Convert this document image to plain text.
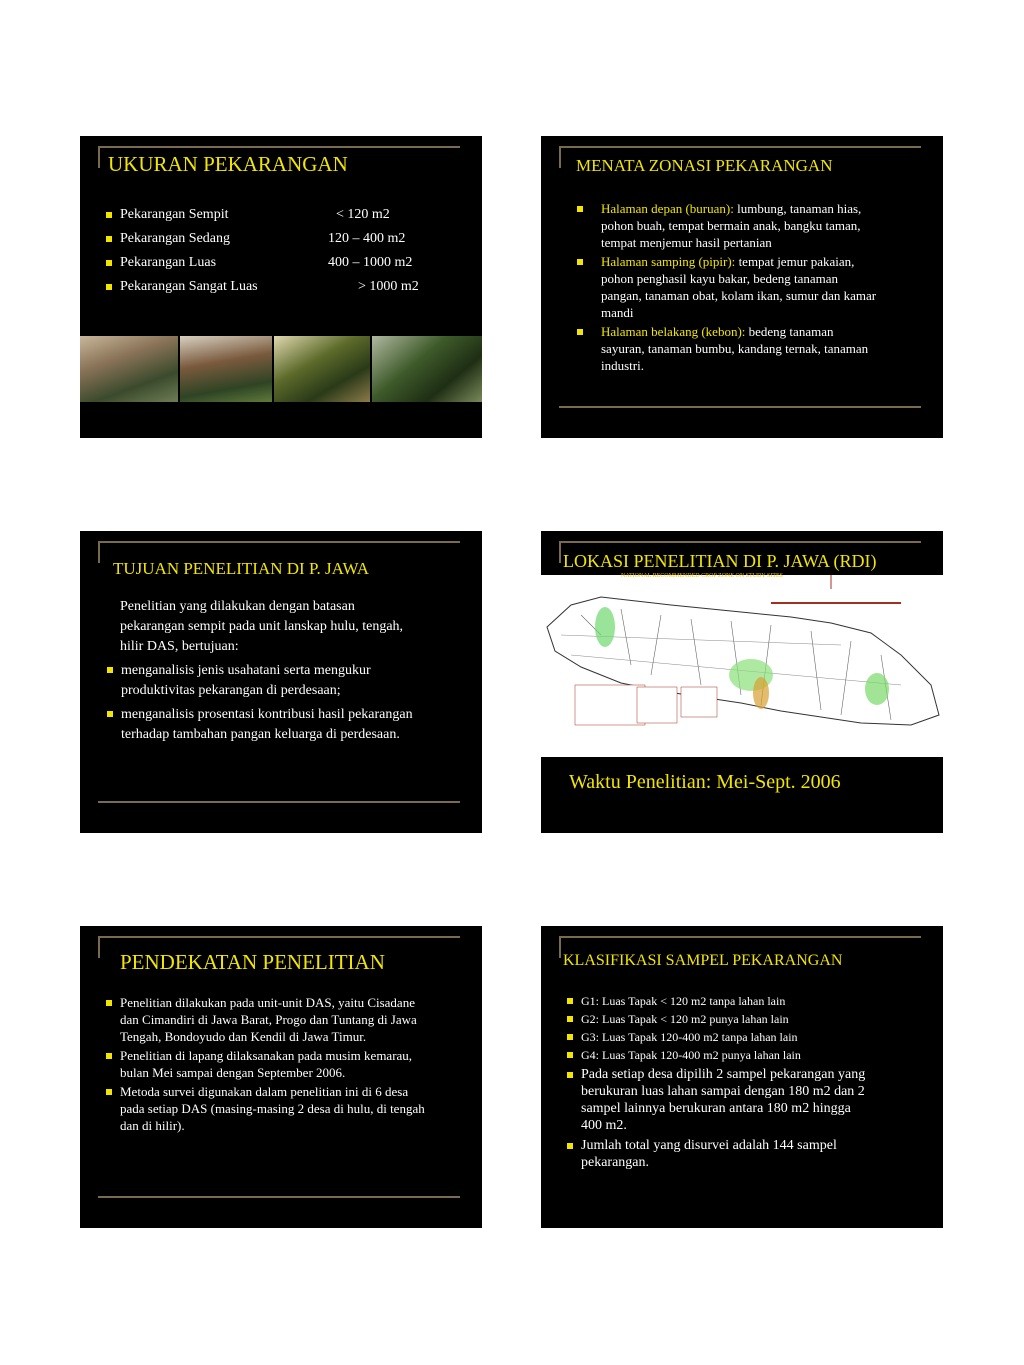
UKURAN PEKARANGAN
Pekarangan Sempit	< 120 m2
Pekarangan Sedang	120 – 400 m2
Pekarangan Luas	400 – 1000 m2
Pekarangan Sangat Luas	> 1000 m2
MENATA ZONASI PEKARANGAN
Halaman depan (buruan): lumbung, tanaman hias, pohon buah, tempat bermain anak, bangku taman, tempat menjemur hasil pertanian
Halaman samping (pipir): tempat jemur pakaian, pohon penghasil kayu bakar, bedeng tanaman pangan, tanaman obat, kolam ikan, sumur dan kamar mandi
Halaman belakang (kebon): bedeng tanaman sayuran, tanaman bumbu, kandang ternak, tanaman industri.
TUJUAN PENELITIAN DI P. JAWA
Penelitian yang dilakukan dengan batasan pekarangan sempit pada unit lanskap hulu, tengah, hilir DAS, bertujuan:
menganalisis jenis usahatani serta mengukur produktivitas pekarangan di perdesaan;
menganalisis prosentasi kontribusi hasil pekarangan terhadap tambahan pangan keluarga di perdesaan.
LOKASI PENELITIAN DI P. JAWA (RDI)
NATIONAL RECOMMENDED CROP ZONE ON STUDY SITES
Waktu Penelitian: Mei-Sept. 2006
PENDEKATAN PENELITIAN
Penelitian dilakukan pada unit-unit DAS, yaitu Cisadane dan Cimandiri di Jawa Barat, Progo dan Tuntang di Jawa Tengah, Bondoyudo dan Kendil di Jawa Timur.
Penelitian di lapang dilaksanakan pada musim kemarau, bulan Mei sampai dengan September 2006.
Metoda survei digunakan dalam penelitian ini di 6 desa pada setiap DAS (masing-masing 2 desa di hulu, di tengah dan di hilir).
KLASIFIKASI SAMPEL PEKARANGAN
G1: Luas Tapak < 120 m2 tanpa lahan lain
G2: Luas Tapak < 120 m2 punya lahan lain
G3: Luas Tapak 120-400 m2 tanpa lahan lain
G4: Luas Tapak 120-400 m2 punya lahan lain
Pada setiap desa dipilih 2 sampel pekarangan yang berukuran luas lahan sampai dengan 180 m2 dan 2 sampel lainnya berukuran antara 180 m2 hingga 400 m2.
Jumlah total yang disurvei adalah 144 sampel pekarangan.
